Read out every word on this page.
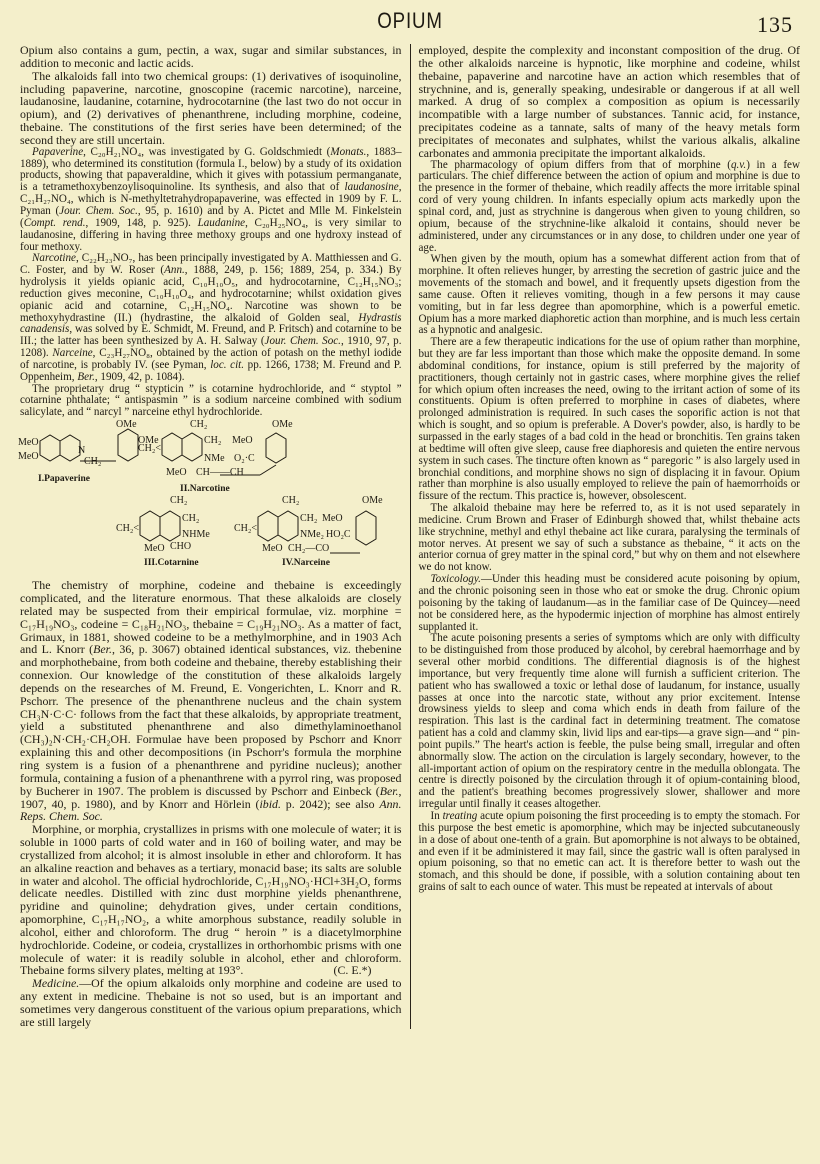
OPIUM	135

Opium also contains a gum, pectin, a wax, sugar and similar substances, in addition to meconic and lactic acids.

The alkaloids fall into two chemical groups: (1) derivatives of isoquinoline, including papaverine, narcotine, gnoscopine (racemic narcotine), narceine, laudanosine, laudanine, cotarnine, hydrocotarnine (the last two do not occur in opium), and (2) derivatives of phenanthrene, including morphine, codeine, thebaine. The constitutions of the first series have been determined; of the second they are still uncertain.

Papaverine, C₂₀H₂₁NO₄, was investigated by G. Goldschmiedt (Monats., 1883–1889), who determined its constitution (formula I., below) by a study of its oxidation products, showing that papaveraldine, which it gives with potassium permanganate, is a tetramethoxybenzoylisoquinoline. Its synthesis, and also that of laudanosine, C₂₁H₂₇NO₄, which is N-methyltetrahydropapaverine, was effected in 1909 by F. L. Pyman (Jour. Chem. Soc., 95, p. 1610) and by A. Pictet and Mlle M. Finkelstein (Compt. rend., 1909, 148, p. 925). Laudanine, C₂₀H₂₅NO₄, is very similar to laudanosine, differing in having three methoxy groups and one hydroxy instead of four methoxy.

Narcotine, C₂₂H₂₃NO₇, has been principally investigated by A. Matthiessen and G. C. Foster, and by W. Roser (Ann., 1888, 249, p. 156; 1889, 254, p. 334.) By hydrolysis it yields opianic acid, C₁₀H₁₀O₅, and hydrocotarnine, C₁₂H₁₅NO₃; reduction gives meconine, C₁₀H₁₀O₄, and hydrocotarnine; whilst oxidation gives opianic acid and cotarnine, C₁₂H₁₅NO₄. Narcotine was shown to be methoxyhydrastine (II.) (hydrastine, the alkaloid of Golden seal, Hydrastis canadensis, was solved by E. Schmidt, M. Freund, and P. Fritsch) and cotarnine to be III.; the latter has been synthesized by A. H. Salway (Jour. Chem. Soc., 1910, 97, p. 1208). Narceine, C₂₃H₂₇NO₈, obtained by the action of potash on the methyl iodide of narcotine, is probably IV. (see Pyman, loc. cit. pp. 1266, 1738; M. Freund and P. Oppenheim, Ber., 1909, 42, p. 1084).

The proprietary drug “ stypticin ” is cotarnine hydrochloride, and “ styptol ” cotarnine phthalate; “ antispasmin ” is a sodium narceine combined with sodium salicylate, and “ narcyl ” narceine ethyl hydrochloride.

MeO
MeO
N
CH₂
OMe
OMe
I.Papaverine
CH₂<
CH₂
CH₂ MeO
NMe O₂·C
MeO CH——CH
OMe
II.Narcotine
CH₂
CH₂<
CH₂
NHMe
MeO CHO
III.Cotarnine
CH₂
CH₂<
CH₂ MeO
OMe
NMe₂ HO₂C
MeO CH₂—CO
IV.Narceine

The chemistry of morphine, codeine and thebaine is exceedingly complicated, and the literature enormous. That these alkaloids are closely related may be suspected from their empirical formulae, viz. morphine = C₁₇H₁₉NO₃, codeine = C₁₈H₂₁NO₃, thebaine = C₁₉H₂₁NO₃. As a matter of fact, Grimaux, in 1881, showed codeine to be a methylmorphine, and in 1903 Ach and L. Knorr (Ber., 36, p. 3067) obtained identical substances, viz. thebenine and morphothebaine, from both codeine and thebaine, thereby establishing their connexion. Our knowledge of the constitution of these alkaloids largely depends on the researches of M. Freund, E. Vongerichten, L. Knorr and R. Pschorr. The presence of the phenanthrene nucleus and the chain system CH₃N·C·C· follows from the fact that these alkaloids, by appropriate treatment, yield a substituted phenanthrene and also dimethylaminoethanol (CH₃)₂N·CH₂·CH₂OH. Formulae have been proposed by Pschorr and Knorr explaining this and other decompositions (in Pschorr's formula the morphine ring system is a fusion of a phenanthrene and pyridine nucleus); another formula, containing a fusion of a phenanthrene with a pyrrol ring, was proposed by Bucherer in 1907. The problem is discussed by Pschorr and Einbeck (Ber., 1907, 40, p. 1980), and by Knorr and Hörlein (ibid. p. 2042); see also Ann. Reps. Chem. Soc.

Morphine, or morphia, crystallizes in prisms with one molecule of water; it is soluble in 1000 parts of cold water and in 160 of boiling water, and may be crystallized from alcohol; it is almost insoluble in ether and chloroform. It has an alkaline reaction and behaves as a tertiary, monacid base; its salts are soluble in water and alcohol. The official hydrochloride, C₁₇H₁₉NO₃·HCl+3H₂O, forms delicate needles. Distilled with zinc dust morphine yields phenanthrene, pyridine and quinoline; dehydration gives, under certain conditions, apomorphine, C₁₇H₁₇NO₂, a white amorphous substance, readily soluble in alcohol, either and chloroform. The drug “ heroin ” is a diacetylmorphine hydrochloride. Codeine, or codeia, crystallizes in orthorhombic prisms with one molecule of water: it is readily soluble in alcohol, ether and chloroform. Thebaine forms silvery plates, melting at 193°.	(C. E.*)

Medicine.—Of the opium alkaloids only morphine and codeine are used to any extent in medicine. Thebaine is not so used, but is an important and sometimes very dangerous constituent of the various opium preparations, which are still largely

employed, despite the complexity and inconstant composition of the drug. Of the other alkaloids narceine is hypnotic, like morphine and codeine, whilst thebaine, papaverine and narcotine have an action which resembles that of strychnine, and is, generally speaking, undesirable or dangerous if at all well marked. A drug of so complex a composition as opium is necessarily incompatible with a large number of substances. Tannic acid, for instance, precipitates codeine as a tannate, salts of many of the heavy metals form precipitates of meconates and sulphates, whilst the various alkalis, alkaline carbonates and ammonia precipitate the important alkaloids.

The pharmacology of opium differs from that of morphine (q.v.) in a few particulars. The chief difference between the action of opium and morphine is due to the presence in the former of thebaine, which readily affects the more irritable spinal cord of very young children. In infants especially opium acts markedly upon the spinal cord, and, just as strychnine is dangerous when given to young children, so opium, because of the strychnine-like alkaloid it contains, should never be administered, under any circumstances or in any dose, to children under one year of age.

When given by the mouth, opium has a somewhat different action from that of morphine. It often relieves hunger, by arresting the secretion of gastric juice and the movements of the stomach and bowel, and it frequently upsets digestion from the same cause. Often it relieves vomiting, though in a few persons it may cause vomiting, but in far less degree than apomorphine, which is a powerful emetic. Opium has a more marked diaphoretic action than morphine, and is much less certain as a hypnotic and analgesic.

There are a few therapeutic indications for the use of opium rather than morphine, but they are far less important than those which make the opposite demand. In some abdominal conditions, for instance, opium is still preferred by the majority of practitioners, though certainly not in gastric cases, where morphine gives the relief for which opium often increases the need, owing to the irritant action of some of its constituents. Opium is often preferred to morphine in cases of diabetes, where prolonged administration is required. In such cases the soporific action is not that which is sought, and so opium is preferable. A Dover's powder, also, is hardly to be surpassed in the early stages of a bad cold in the head or bronchitis. Ten grains taken at bedtime will often give sleep, cause free diaphoresis and quieten the entire nervous system in such cases. The tincture often known as “ paregoric ” is also largely used in bronchial conditions, and morphine shows no sign of displacing it in favour. Opium rather than morphine is also usually employed to relieve the pain of haemorrhoids or fissure of the rectum. This practice is, however, obsolescent.

The alkaloid thebaine may here be referred to, as it is not used separately in medicine. Crum Brown and Fraser of Edinburgh showed that, whilst thebaine acts like strychnine, methyl and ethyl thebaine act like curara, paralysing the terminals of motor nerves. At present we say of such a substance as thebaine, “ it acts on the anterior cornua of grey matter in the spinal cord,” but why on them and not elsewhere we do not know.

Toxicology.—Under this heading must be considered acute poisoning by opium, and the chronic poisoning seen in those who eat or smoke the drug. Chronic opium poisoning by the taking of laudanum—as in the familiar case of De Quincey—need not be considered here, as the hypodermic injection of morphine has almost entirely supplanted it.

The acute poisoning presents a series of symptoms which are only with difficulty to be distinguished from those produced by alcohol, by cerebral haemorrhage and by several other morbid conditions. The differential diagnosis is of the highest importance, but very frequently time alone will furnish a sufficient criterion. The patient who has swallowed a toxic or lethal dose of laudanum, for instance, usually passes at once into the narcotic state, without any prior excitement. Intense drowsiness yields to sleep and coma which ends in death from failure of the respiration. This last is the cardinal fact in determining treatment. The comatose patient has a cold and clammy skin, livid lips and ear-tips—a grave sign—and “ pin-point pupils.” The heart's action is feeble, the pulse being small, irregular and often abnormally slow. The action on the circulation is largely secondary, however, to the all-important action of opium on the respiratory centre in the medulla oblongata. The centre is directly poisoned by the circulation through it of opium-containing blood, and the patient's breathing becomes progressively slower, shallower and more irregular until finally it ceases altogether.

In treating acute opium poisoning the first proceeding is to empty the stomach. For this purpose the best emetic is apomorphine, which may be injected subcutaneously in a dose of about one-tenth of a grain. But apomorphine is not always to be obtained, and even if it be administered it may fail, since the gastric wall is often paralysed in opium poisoning, so that no emetic can act. It is therefore better to wash out the stomach, and this should be done, if possible, with a solution containing about ten grains of salt to each ounce of water. This must be repeated at intervals of about
